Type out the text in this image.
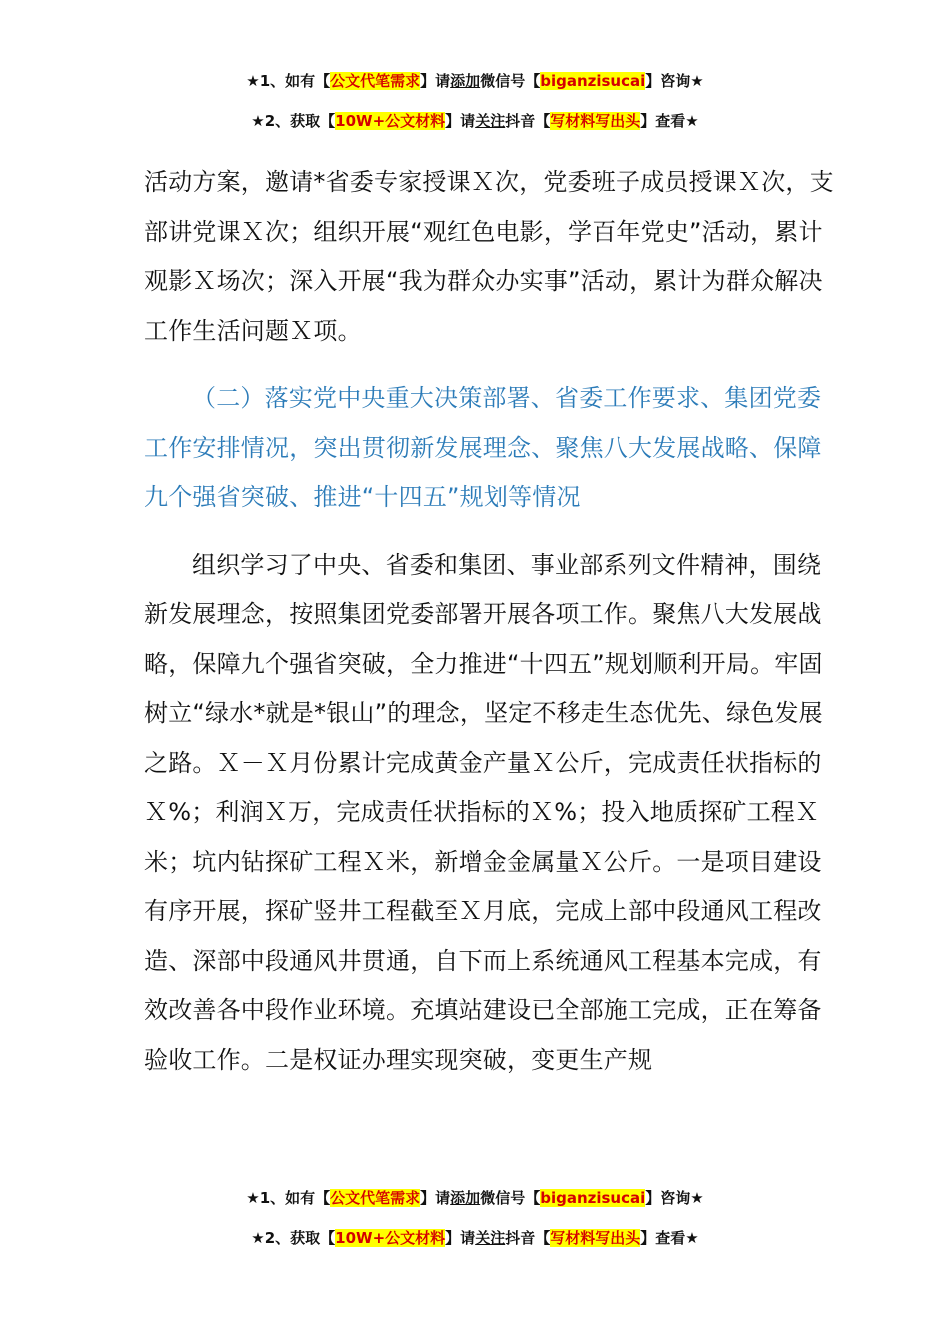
★1、如有【公文代笔需求】请添加微信号【biganzisucai】咨询★
★2、获取【10W+公文材料】请关注抖音【写材料写出头】查看★

活动方案，邀请*省委专家授课Ｘ次，党委班子成员授课Ｘ次，支部讲党课Ｘ次；组织开展“观红色电影，学百年党史”活动，累计观影Ｘ场次；深入开展“我为群众办实事”活动，累计为群众解决工作生活问题Ｘ项。

（二）落实党中央重大决策部署、省委工作要求、集团党委工作安排情况，突出贯彻新发展理念、聚焦八大发展战略、保障九个强省突破、推进“十四五”规划等情况

组织学习了中央、省委和集团、事业部系列文件精神，围绕新发展理念，按照集团党委部署开展各项工作。聚焦八大发展战略，保障九个强省突破，全力推进“十四五”规划顺利开局。牢固树立“绿水*就是*银山”的理念，坚定不移走生态优先、绿色发展之路。Ｘ－Ｘ月份累计完成黄金产量Ｘ公斤，完成责任状指标的Ｘ%；利润Ｘ万，完成责任状指标的Ｘ%；投入地质探矿工程Ｘ米；坑内钻探矿工程Ｘ米，新增金金属量Ｘ公斤。一是项目建设有序开展，探矿竖井工程截至Ｘ月底，完成上部中段通风工程改造、深部中段通风井贯通，自下而上系统通风工程基本完成，有效改善各中段作业环境。充填站建设已全部施工完成，正在筹备验收工作。二是权证办理实现突破，变更生产规

★1、如有【公文代笔需求】请添加微信号【biganzisucai】咨询★
★2、获取【10W+公文材料】请关注抖音【写材料写出头】查看★
